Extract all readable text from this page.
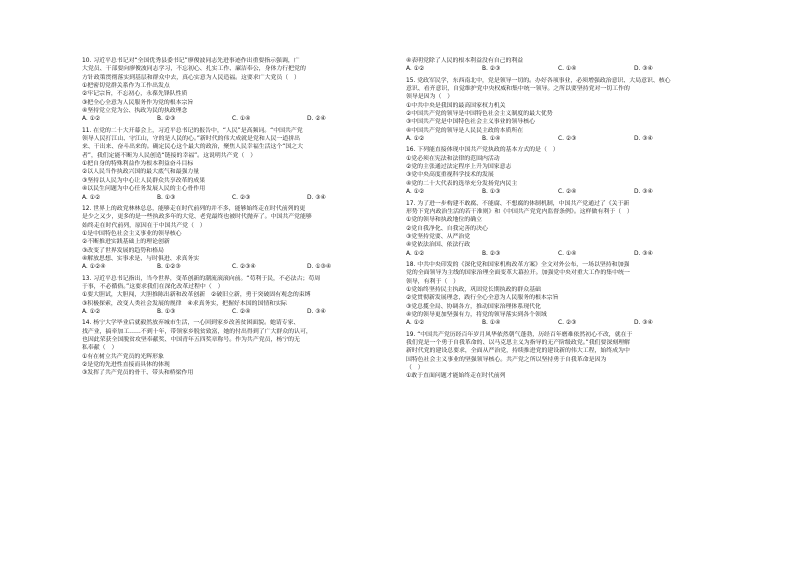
10. 习近平总书记对“全国优秀县委书记”廖俊波同志先进事迹作出重要指示强调，广
大党员、干部要向廖俊波同志学习，不忘初心、扎实工作、廉洁奉公，身体力行把党的
方针政策贯彻落实到基层和群众中去，真心实意为人民造福。这要求广大党员（　）
①把密切党群关系作为工作出发点
②牢记宗旨，不忘初心，永葆先锋队性质
③把全心全意为人民服务作为党的根本宗旨
④坚持党立党为公、执政为民的执政理念
A. ①②	B. ②③	C. ①④	D. ②④
11. 在党的二十大开幕会上，习近平总书记的报告中，“人民”是高频词。“中国共产党
领导人民打江山、守江山，守的是人民的心。”新时代的伟大成就是党和人民一道拼出
来、干出来、奋斗出来的。确定民心这个最大的政治，聚焦人民幸福生活这个“国之大
者”，我们定能不断为人民创造“链接的幸福”。这说明共产党（　）
①把自身的特殊利益作为根本利益奋斗目标
②以人民当作执政兴国的最大底气和最强力量
③坚持以人民为中心让人民群众共享改革的成果
④以民生问题为中心任务发展人民的主心骨作用
A. ①②	B. ①③	C. ②③	D. ③④
12. 世界上的政党林林总总，能够走在时代前列的并不多，能够始终走在时代前列的更
是少之又少，更多的是一些执政多年的大党、老党最终也被时代抛弃了。中国共产党能够
始终走在时代前列，原因在于中国共产党（　）
①是中国特色社会主义事业的领导核心
②不断推进实践基础上的理论创新
③改变了世界发展的趋势和格局
④解放思想、实事求是、与时俱进、求真务实
A. ①②④	B. ①②③	C. ②③④	D. ①③④
13. 习近平总书记指出，当今世界，变革创新的潮流滚滚向前。“苟利于民，不必法古；苟周
于事，不必循俗。”这要求我们在深化改革过程中（　）
①要大胆试，大胆闯，大胆推陈出新和改革创新　②破旧立新，勇于突破固有观念的束缚
③积极探索，改变人类社会发展的规律　④求真务实，把握好本国的国情和实际
A. ①②	B. ①③	C. ②④	D. ③④
14. 杨宁大学毕业后就毅然放弃城市生活，一心回到家乡改善贫困面貌。她请专家、
找产业，搞牵加工……不到十年，带领家乡脱贫致富，她的付出得到了广大群众的认可，
也因此荣获全国脱贫攻坚奉献奖、中国青年五四奖章称号。作为共产党员，杨宁的无
私奉献（　）
①有在树立共产党员的光辉形象
②是党的先进性直接而具体的体现
③发挥了共产党员的骨干、带头和桥梁作用
④表明党除了人民的根本利益没有自己的利益
A. ①②	B. ②③	C. ①④	D. ③④
15. 党政军民学，东西南北中，党是领导一切的。办好各项事业，必须增强政治意识、大局意识、核心
意识、看齐意识，自觉维护党中央权威和集中统一领导。之所以要坚持党对一切工作的
领导是因为（　）
①中共中央是我国的最高国家权力机关
②中国共产党的领导是中国特色社会主义制度的最大优势
③中国共产党是中国特色社会主义事业的领导核心
④中国共产党的领导是人民民主政的本质所在
A. ①②	B. ①④	C. ②③	D. ③④
16. 下列能直接体现中国共产党执政的基本方式的是（　）
①党必须在宪法和法律的范围内活动
②党的主张通过法定程序上升为国家意志
③党中央高度重视科学技术的发展
④党的二十大代表的选举充分发扬党内民主
A. ①②	B. ①③	C. ②④	D. ③④
17. 为了进一步构建不敢腐、不能腐、不想腐的体制机制，中国共产党通过了《关于新
形势下党内政治生活的若干准则》和《中国共产党党内监督条例》。这样做有利于（　）
①党的领导和执政地位的确立
②党自我净化、自我完善的决心
③党坚持党要、从严治党
④党依法治国、依法行政
A. ①②	B. ②③	C. ①④	D. ③④
18. 中共中央印发的《深化党和国家机构改革方案》全文对外公布，一场以坚持和加强
党的全面领导为主线的国家治理全面变革大幕拉开。加强党中央对重大工作的集中统一
领导，有利于（　）
①党始终坚持民主执政，巩固党长期执政的群众基础
②党贯彻新发展理念，践行全心全意为人民服务的根本宗旨
③党总揽全局、协调各方，推动国家治理体系现代化
④党的领导更加坚强有力，将党的领导落实到各个领域
A. ①②	B. ①④	C. ②③	D. ③④
19. “中国共产党历经百年岁月风华依然朝气蓬勃，历经百年磨难依然初心不改，就在于
我们党是一个勇于自我革命的、以马克思主义为指导的无产阶级政党。”我们要深刻理解
新时代党的建设总要求，全面从严治党，持续推进党的建设新的伟大工程，始终成为中
国特色社会主义事业的坚强领导核心。共产党之所以坚持勇于自我革命是因为
（　）
①敢于直面问题才能始终走在时代前列
